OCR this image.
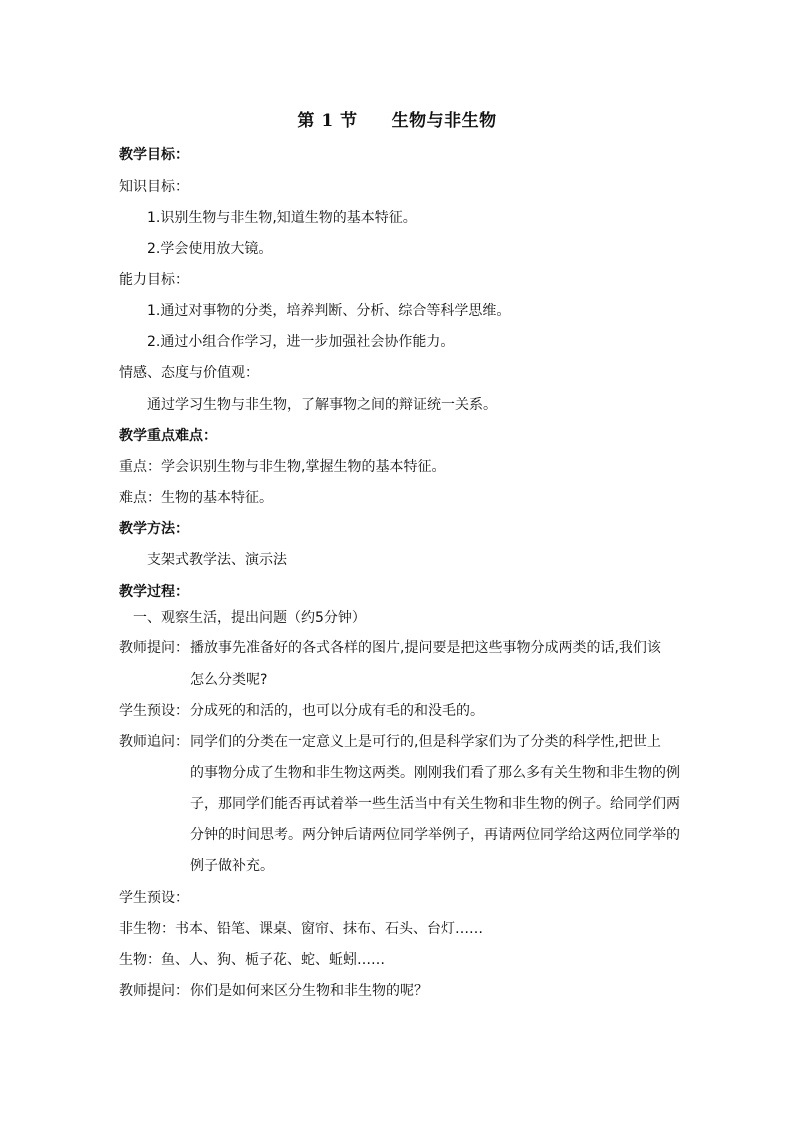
第 1 节 生物与非生物
教学目标：
知识目标：
1.识别生物与非生物,知道生物的基本特征。
2.学会使用放大镜。
能力目标：
1.通过对事物的分类，培养判断、分析、综合等科学思维。
2.通过小组合作学习，进一步加强社会协作能力。
情感、态度与价值观：
通过学习生物与非生物，了解事物之间的辩证统一关系。
教学重点难点：
重点：学会识别生物与非生物,掌握生物的基本特征。
难点：生物的基本特征。
教学方法：
支架式教学法、演示法
教学过程：
一、观察生活，提出问题（约5分钟）
教师提问： 播放事先准备好的各式各样的图片,提问要是把这些事物分成两类的话,我们该
怎么分类呢?
学生预设： 分成死的和活的，也可以分成有毛的和没毛的。
教师追问： 同学们的分类在一定意义上是可行的,但是科学家们为了分类的科学性,把世上
的事物分成了生物和非生物这两类。刚刚我们看了那么多有关生物和非生物的例
子，那同学们能否再试着举一些生活当中有关生物和非生物的例子。给同学们两
分钟的时间思考。两分钟后请两位同学举例子，再请两位同学给这两位同学举的
例子做补充。
学生预设：
非生物：书本、铅笔、课桌、窗帘、抹布、石头、台灯……
生物：鱼、人、狗、栀子花、蛇、蚯蚓……
教师提问： 你们是如何来区分生物和非生物的呢？
